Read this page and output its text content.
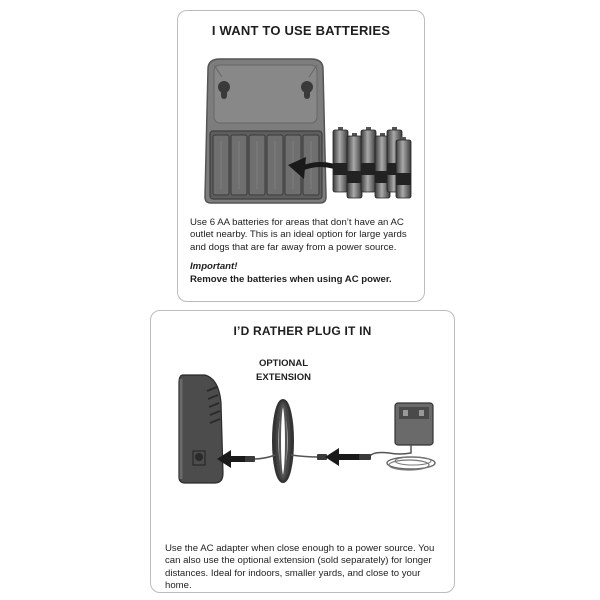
I WANT TO USE BATTERIES

Use 6 AA batteries for areas that don’t have an AC outlet nearby. This is an ideal option for large yards and dogs that are far away from a power source.

Important!

Remove the batteries when using AC power.

I’D RATHER PLUG IT IN

OPTIONAL EXTENSION

Use the AC adapter when close enough to a power source. You can also use the optional extension (sold separately) for longer distances. Ideal for indoors, smaller yards, and close to your home.
